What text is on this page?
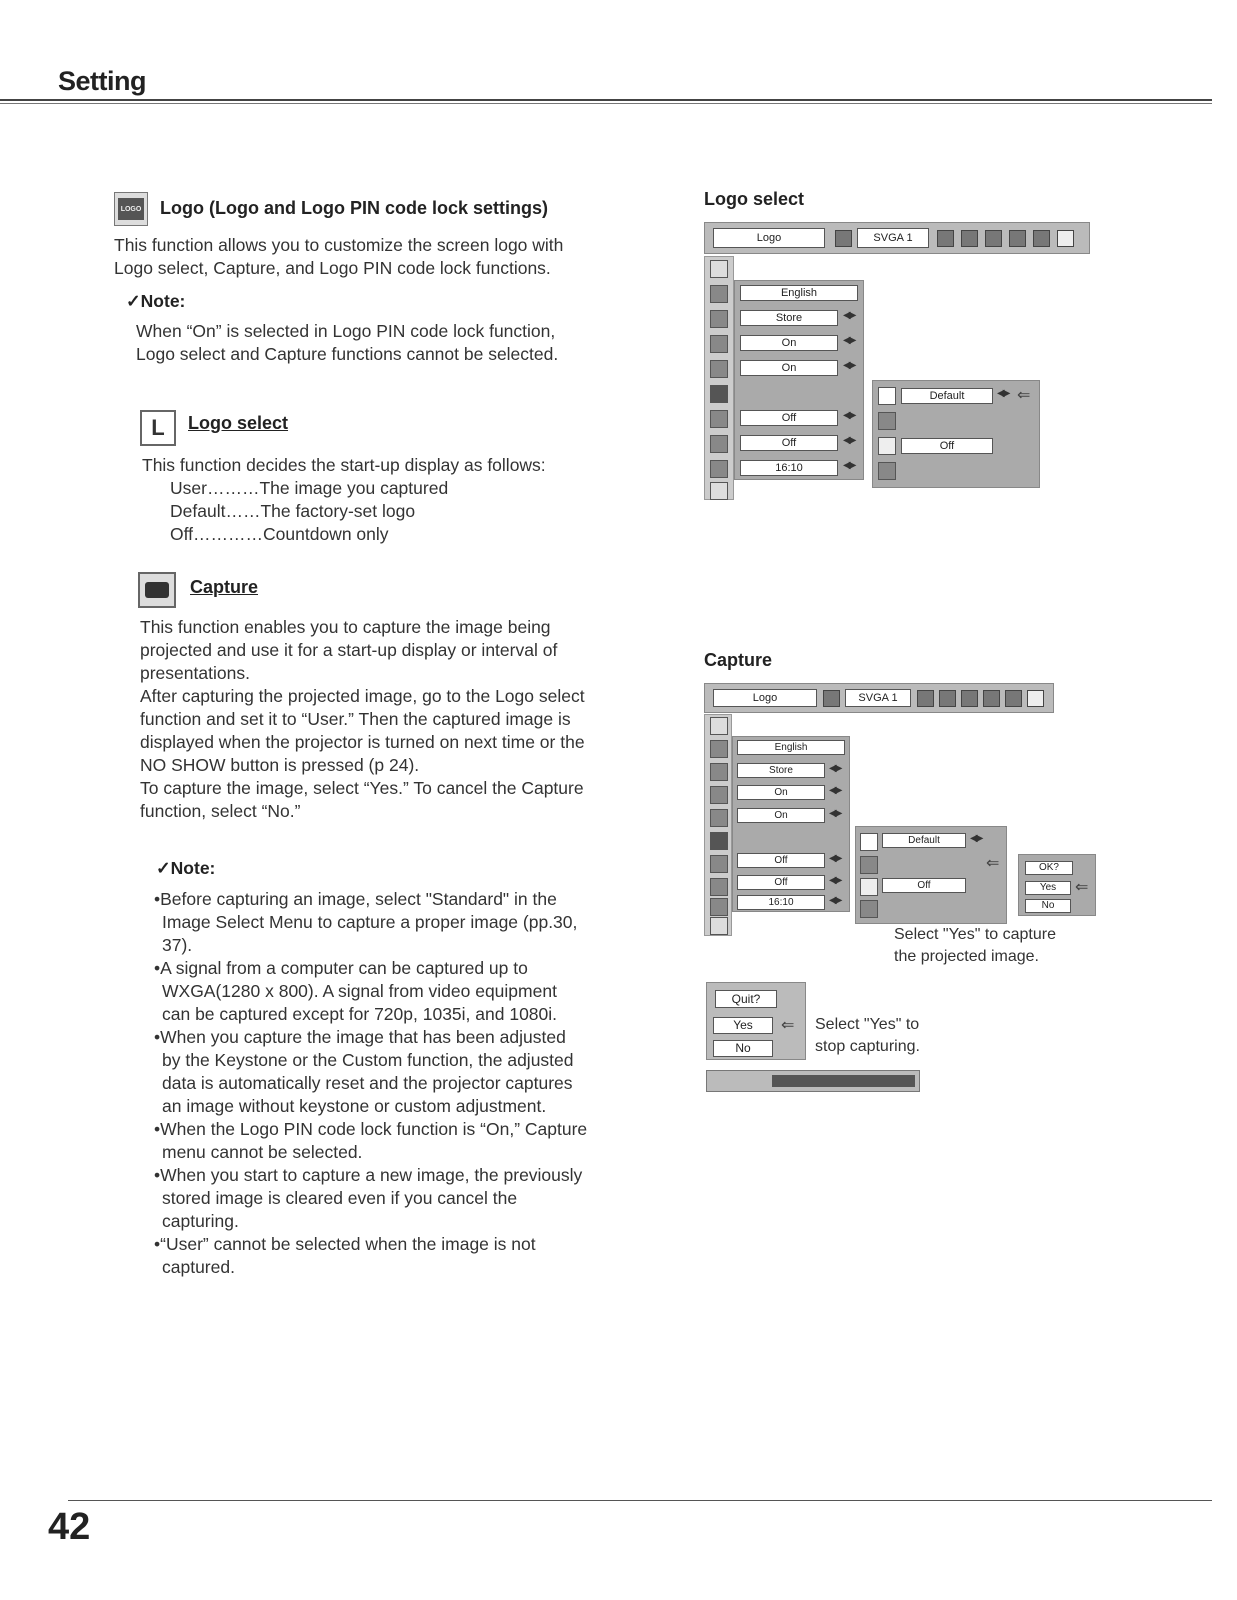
Setting
LOGO Logo (Logo and Logo PIN code lock settings)
This function allows you to customize the screen logo with
Logo select, Capture, and Logo PIN code lock functions.
✓Note:
When “On” is selected in Logo PIN code lock function,
Logo select and Capture functions cannot be selected.
L Logo select
This function decides the start-up display as follows:
User………The image you captured
Default……The factory-set logo
Off…………Countdown only
Capture
This function enables you to capture the image being
projected and use it for a start-up display or interval of
presentations.
After capturing the projected image, go to the Logo select
function and set it to “User.” Then the captured image is
displayed when the projector is turned on next time or the
NO SHOW button is pressed (p 24).
To capture the image, select “Yes.” To cancel the Capture
function, select “No.”
✓Note:
•Before capturing an image, select "Standard" in the
Image Select Menu to capture a proper image (pp.30,
37).
•A signal from a computer can be captured up to
WXGA(1280 x 800). A signal from video equipment
can be captured except for 720p, 1035i, and 1080i.
•When you capture the image that has been adjusted
by the Keystone or the Custom function, the adjusted
data is automatically reset and the projector captures
an image without keystone or custom adjustment.
•When the Logo PIN code lock function is “On,” Capture
menu cannot be selected.
•When you start to capture a new image, the previously
stored image is cleared even if you cancel the
capturing.
•“User” cannot be selected when the image is not
captured.
Logo select
Logo	SVGA 1
English
Store	◀▶
On	◀▶
On	◀▶
Off	◀▶
Off	◀▶
16:10	◀▶
Default	◀▶ ⇐
Off
Capture
Logo	SVGA 1
English
Store	◀▶
On	◀▶
On	◀▶
Off	◀▶
Off	◀▶
16:10	◀▶
Default	◀▶
⇐
Off
OK?
Yes	⇐
No
Select "Yes" to capture
the projected image.
Quit?
Yes	⇐
No
Select "Yes" to
stop capturing.
42
